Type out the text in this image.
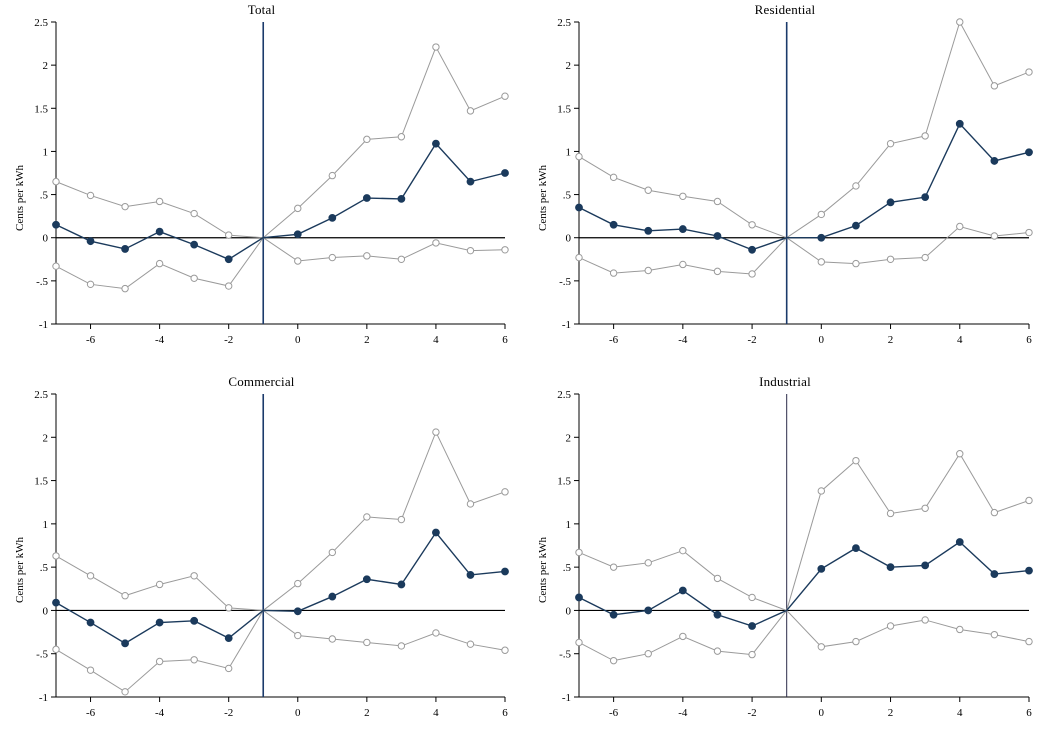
Total
Cents per kWh
-1
-.5
0
.5
1
1.5
2
2.5
-6	-4	-2	0	2	4	6
Residential
Cents per kWh
-1
-.5
0
.5
1
1.5
2
2.5
-6	-4	-2	0	2	4	6
Commercial
Cents per kWh
-1
-.5
0
.5
1
1.5
2
2.5
-6	-4	-2	0	2	4	6
Industrial
Cents per kWh
-1
-.5
0
.5
1
1.5
2
2.5
-6	-4	-2	0	2	4	6
